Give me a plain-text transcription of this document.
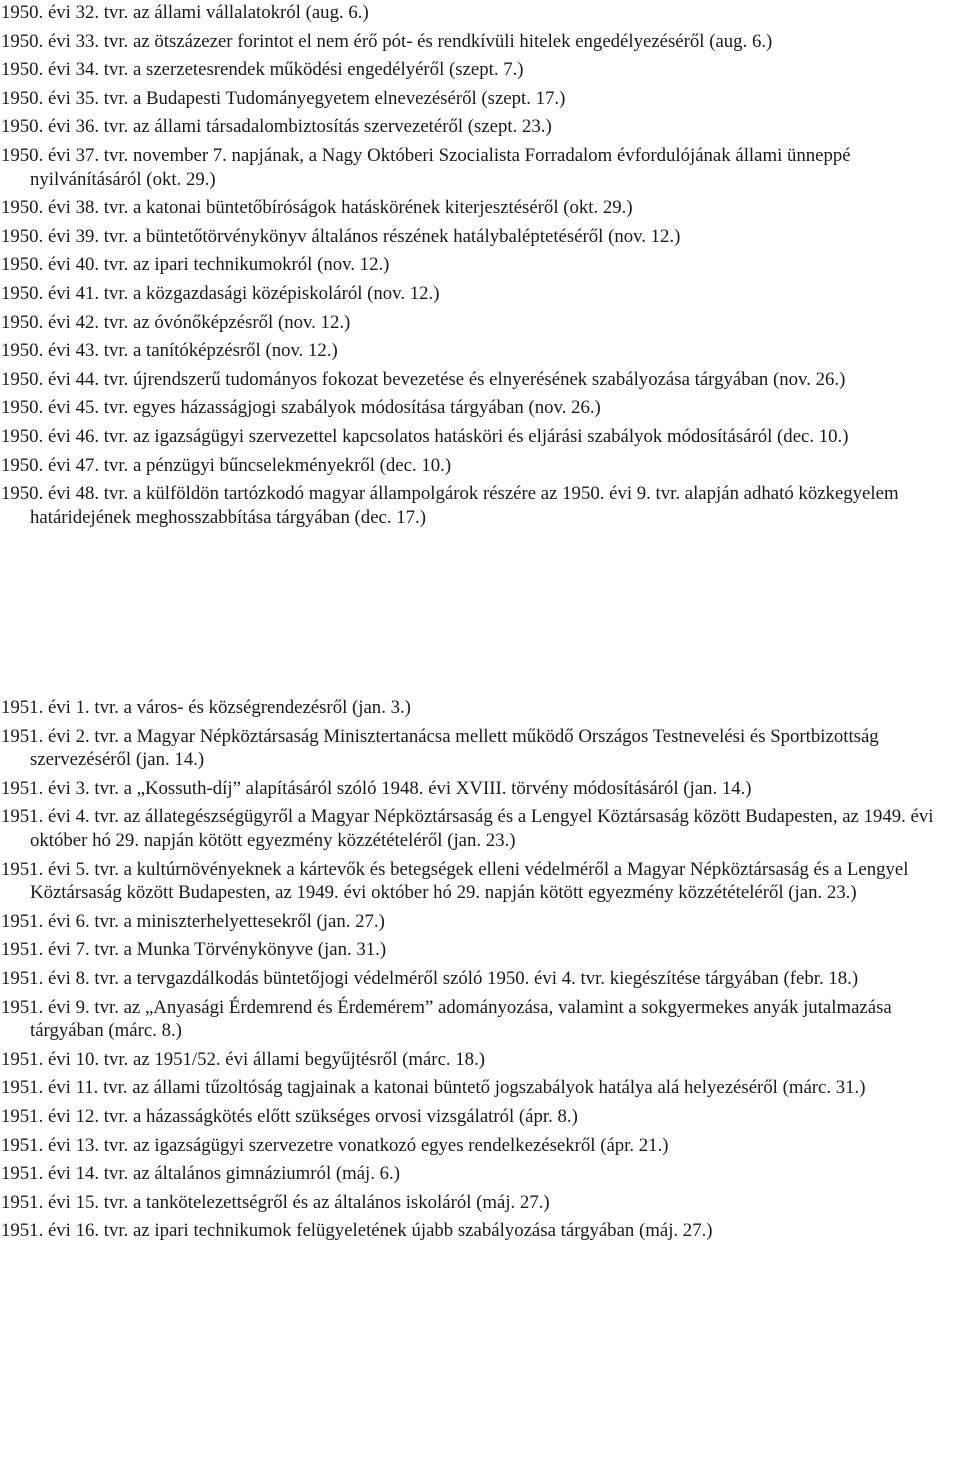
1950. évi 32. tvr. az állami vállalatokról (aug. 6.)
1950. évi 33. tvr. az ötszázezer forintot el nem érő pót- és rendkívüli hitelek engedélyezéséről (aug. 6.)
1950. évi 34. tvr. a szerzetesrendek működési engedélyéről (szept. 7.)
1950. évi 35. tvr. a Budapesti Tudományegyetem elnevezéséről (szept. 17.)
1950. évi 36. tvr. az állami társadalombiztosítás szervezetéről (szept. 23.)
1950. évi 37. tvr. november 7. napjának, a Nagy Októberi Szocialista Forradalom évfordulójának állami ünneppé nyilvánításáról (okt. 29.)
1950. évi 38. tvr. a katonai büntetőbíróságok hatáskörének kiterjesztéséről (okt. 29.)
1950. évi 39. tvr. a büntetőtörvénykönyv általános részének hatálybaléptetéséről (nov. 12.)
1950. évi 40. tvr. az ipari technikumokról (nov. 12.)
1950. évi 41. tvr. a közgazdasági középiskoláról (nov. 12.)
1950. évi 42. tvr. az óvónőképzésről (nov. 12.)
1950. évi 43. tvr. a tanítóképzésről (nov. 12.)
1950. évi 44. tvr. újrendszerű tudományos fokozat bevezetése és elnyerésének szabályozása tárgyában (nov. 26.)
1950. évi 45. tvr. egyes házasságjogi szabályok módosítása tárgyában (nov. 26.)
1950. évi 46. tvr. az igazságügyi szervezettel kapcsolatos hatásköri és eljárási szabályok módosításáról (dec. 10.)
1950. évi 47. tvr. a pénzügyi bűncselekményekről (dec. 10.)
1950. évi 48. tvr. a külföldön tartózkodó magyar állampolgárok részére az 1950. évi 9. tvr. alapján adható közkegyelem határidejének meghosszabbítása tárgyában (dec. 17.)
1951. évi 1. tvr. a város- és községrendezésről (jan. 3.)
1951. évi 2. tvr. a Magyar Népköztársaság Minisztertanácsa mellett működő Országos Testnevelési és Sportbizottság szervezéséről (jan. 14.)
1951. évi 3. tvr. a „Kossuth-díj” alapításáról szóló 1948. évi XVIII. törvény módosításáról (jan. 14.)
1951. évi 4. tvr. az állategészségügyről a Magyar Népköztársaság és a Lengyel Köztársaság között Budapesten, az 1949. évi október hó 29. napján kötött egyezmény közzétételéről (jan. 23.)
1951. évi 5. tvr. a kultúrnövényeknek a kártevők és betegségek elleni védelméről a Magyar Népköztársaság és a Lengyel Köztársaság között Budapesten, az 1949. évi október hó 29. napján kötött egyezmény közzétételéről (jan. 23.)
1951. évi 6. tvr. a miniszterhelyettesekről (jan. 27.)
1951. évi 7. tvr. a Munka Törvénykönyve (jan. 31.)
1951. évi 8. tvr. a tervgazdálkodás büntetőjogi védelméről szóló 1950. évi 4. tvr. kiegészítése tárgyában (febr. 18.)
1951. évi 9. tvr. az „Anyasági Érdemrend és Érdemérem” adományozása, valamint a sokgyermekes anyák jutalmazása tárgyában (márc. 8.)
1951. évi 10. tvr. az 1951/52. évi állami begyűjtésről (márc. 18.)
1951. évi 11. tvr. az állami tűzoltóság tagjainak a katonai büntető jogszabályok hatálya alá helyezéséről (márc. 31.)
1951. évi 12. tvr. a házasságkötés előtt szükséges orvosi vizsgálatról (ápr. 8.)
1951. évi 13. tvr. az igazságügyi szervezetre vonatkozó egyes rendelkezésekről (ápr. 21.)
1951. évi 14. tvr. az általános gimnáziumról (máj. 6.)
1951. évi 15. tvr. a tankötelezettségről és az általános iskoláról (máj. 27.)
1951. évi 16. tvr. az ipari technikumok felügyeletének újabb szabályozása tárgyában (máj. 27.)
